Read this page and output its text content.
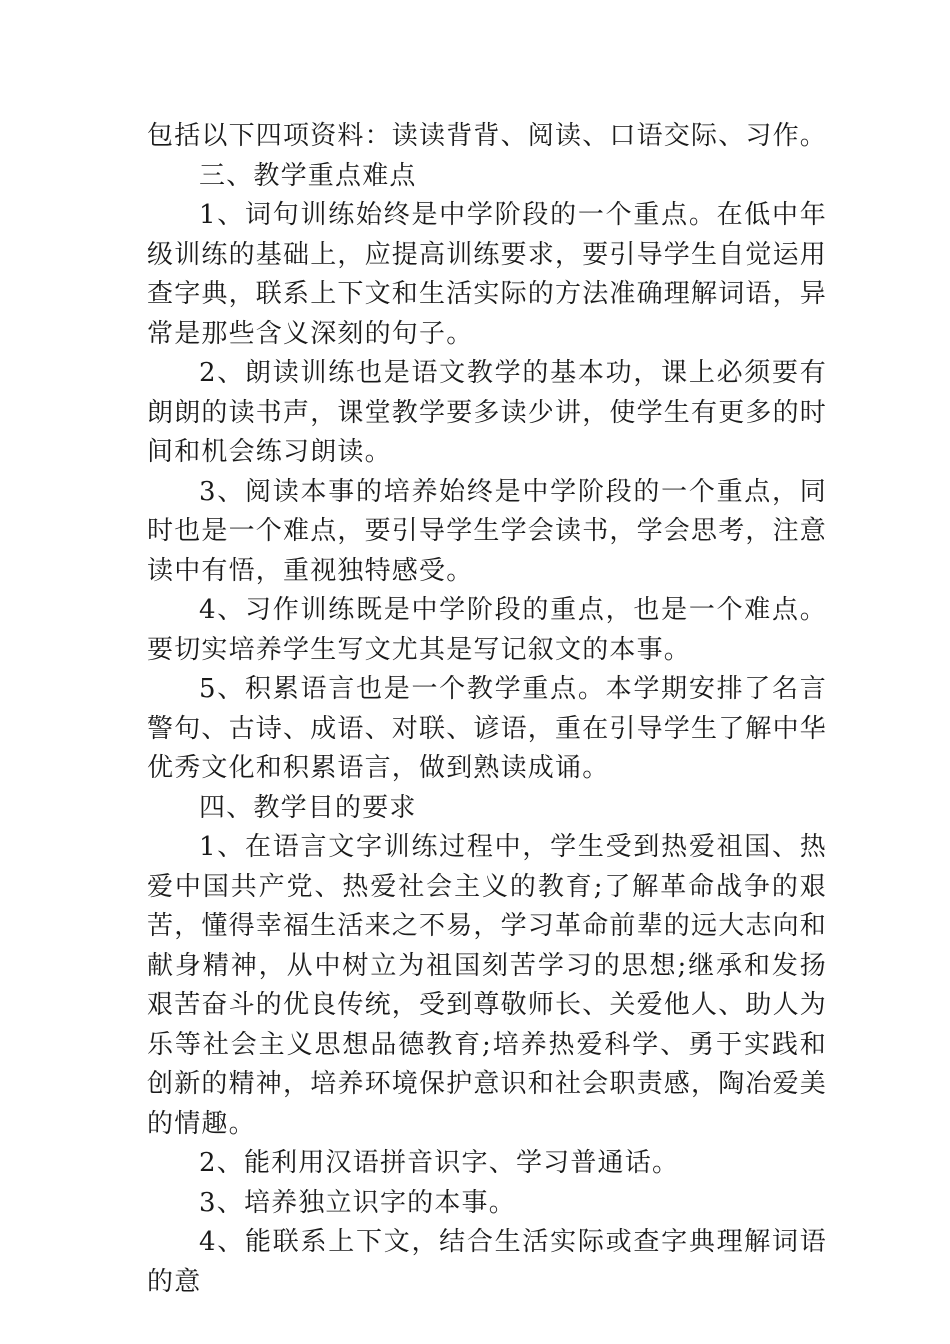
包括以下四项资料：读读背背、阅读、口语交际、习作。

三、教学重点难点

1、词句训练始终是中学阶段的一个重点。在低中年级训练的基础上，应提高训练要求，要引导学生自觉运用查字典，联系上下文和生活实际的方法准确理解词语，异常是那些含义深刻的句子。

2、朗读训练也是语文教学的基本功，课上必须要有朗朗的读书声，课堂教学要多读少讲，使学生有更多的时间和机会练习朗读。

3、阅读本事的培养始终是中学阶段的一个重点，同时也是一个难点，要引导学生学会读书，学会思考，注意读中有悟，重视独特感受。

4、习作训练既是中学阶段的重点，也是一个难点。要切实培养学生写文尤其是写记叙文的本事。

5、积累语言也是一个教学重点。本学期安排了名言警句、古诗、成语、对联、谚语，重在引导学生了解中华优秀文化和积累语言，做到熟读成诵。

四、教学目的要求

1、在语言文字训练过程中，学生受到热爱祖国、热爱中国共产党、热爱社会主义的教育;了解革命战争的艰苦，懂得幸福生活来之不易，学习革命前辈的远大志向和献身精神，从中树立为祖国刻苦学习的思想;继承和发扬艰苦奋斗的优良传统，受到尊敬师长、关爱他人、助人为乐等社会主义思想品德教育;培养热爱科学、勇于实践和创新的精神，培养环境保护意识和社会职责感，陶冶爱美的情趣。

2、能利用汉语拼音识字、学习普通话。

3、培养独立识字的本事。

4、能联系上下文，结合生活实际或查字典理解词语的意
